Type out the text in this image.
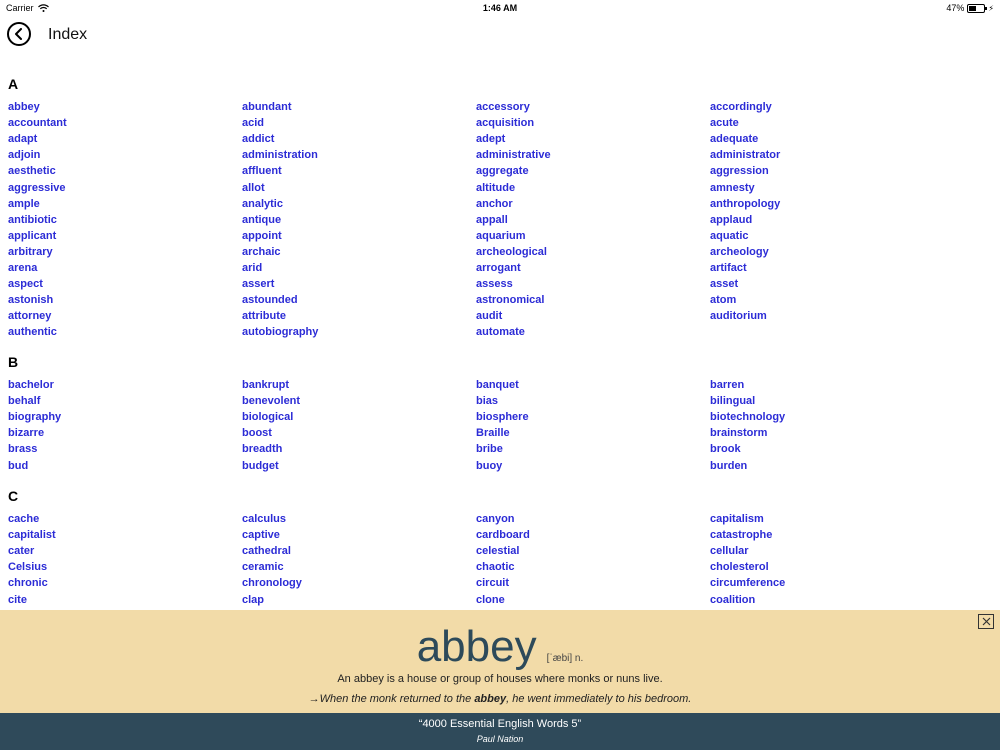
Carrier	1:46 AM	47%	⚡︎
Index
A
abbey	abundant	accessory	accordingly
accountant	acid	acquisition	acute
adapt	addict	adept	adequate
adjoin	administration	administrative	administrator
aesthetic	affluent	aggregate	aggression
aggressive	allot	altitude	amnesty
ample	analytic	anchor	anthropology
antibiotic	antique	appall	applaud
applicant	appoint	aquarium	aquatic
arbitrary	archaic	archeological	archeology
arena	arid	arrogant	artifact
aspect	assert	assess	asset
astonish	astounded	astronomical	atom
attorney	attribute	audit	auditorium
authentic	autobiography	automate
B
bachelor	bankrupt	banquet	barren
behalf	benevolent	bias	bilingual
biography	biological	biosphere	biotechnology
bizarre	boost	Braille	brainstorm
brass	breadth	bribe	brook
bud	budget	buoy	burden
C
cache	calculus	canyon	capitalism
capitalist	captive	cardboard	catastrophe
cater	cathedral	celestial	cellular
Celsius	ceramic	chaotic	cholesterol
chronic	chronology	circuit	circumference
cite	clap	clone	coalition
abbey [ˈæbi] n.
An abbey is a house or group of houses where monks or nuns live.
→When the monk returned to the abbey, he went immediately to his bedroom.
“4000 Essential English Words 5”
Paul Nation
